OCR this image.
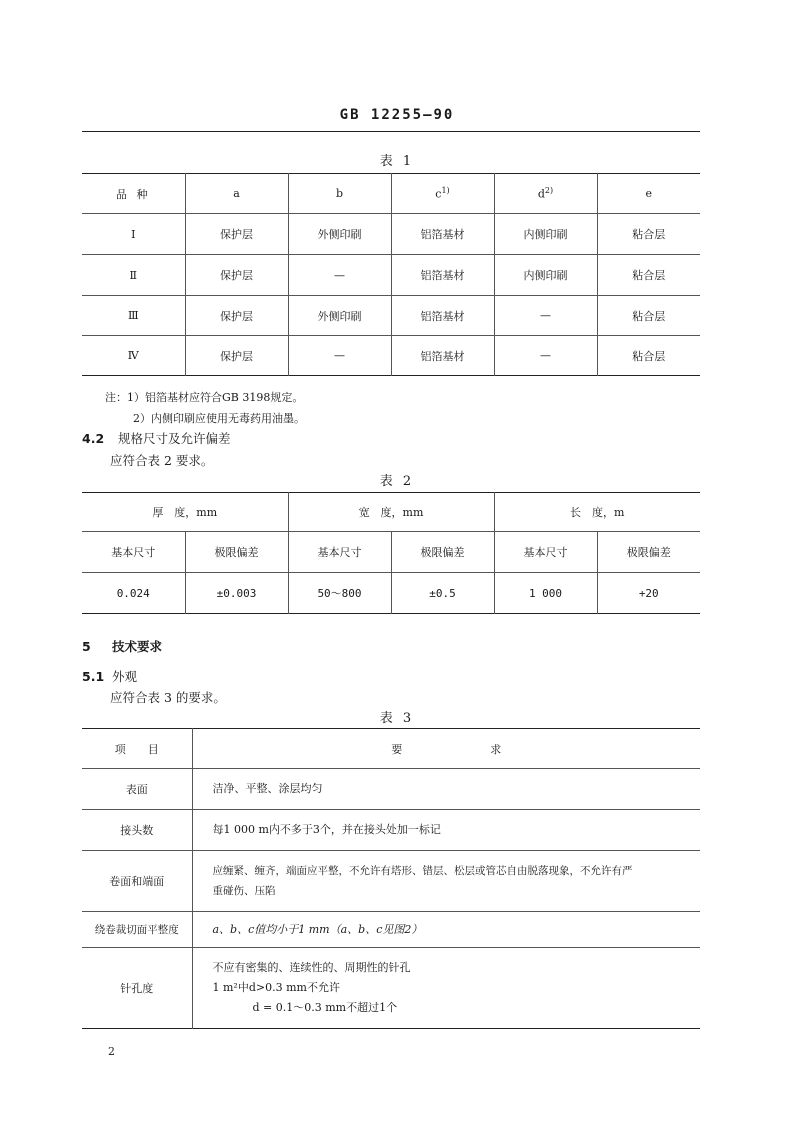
GB 12255—90
表 1
品 种	a	b	$c^{1)}$	$d^{2)}$	e
Ⅰ	保护层	外侧印刷	铝箔基材	内侧印刷	粘合层
Ⅱ	保护层	—	铝箔基材	内侧印刷	粘合层
Ⅲ	保护层	外侧印刷	铝箔基材	—	粘合层
Ⅳ	保护层	—	铝箔基材	—	粘合层
注：1）铝箔基材应符合GB 3198规定。
2）内侧印刷应使用无毒药用油墨。
4.2 规格尺寸及允许偏差
应符合表 2 要求。
表 2
厚　度，mm		宽　度，mm		长　度，m	
基本尺寸	极限偏差	基本尺寸	极限偏差	基本尺寸	极限偏差
0.024	±0.003	50～800	±0.5	1 000	+20
5 技术要求
5.1 外观
应符合表 3 的要求。
表 3
项　　目	要　　　　　　　　求
表面	洁净、平整、涂层均匀
接头数	每1 000 m内不多于3个，并在接头处加一标记
卷面和端面	应缠紧、缠齐，端面应平整，不允许有塔形、错层、松层或管芯自由脱落现象，不允许有严
重碰伤、压陷

绕卷裁切面平整度	a、b、c值均小于1 mm（a、b、c见图2）
针孔度	不应有密集的、连续性的、周期性的针孔
1 m²中d>0.3 mm不允许
d = 0.1～0.3 mm不超过1个
2
